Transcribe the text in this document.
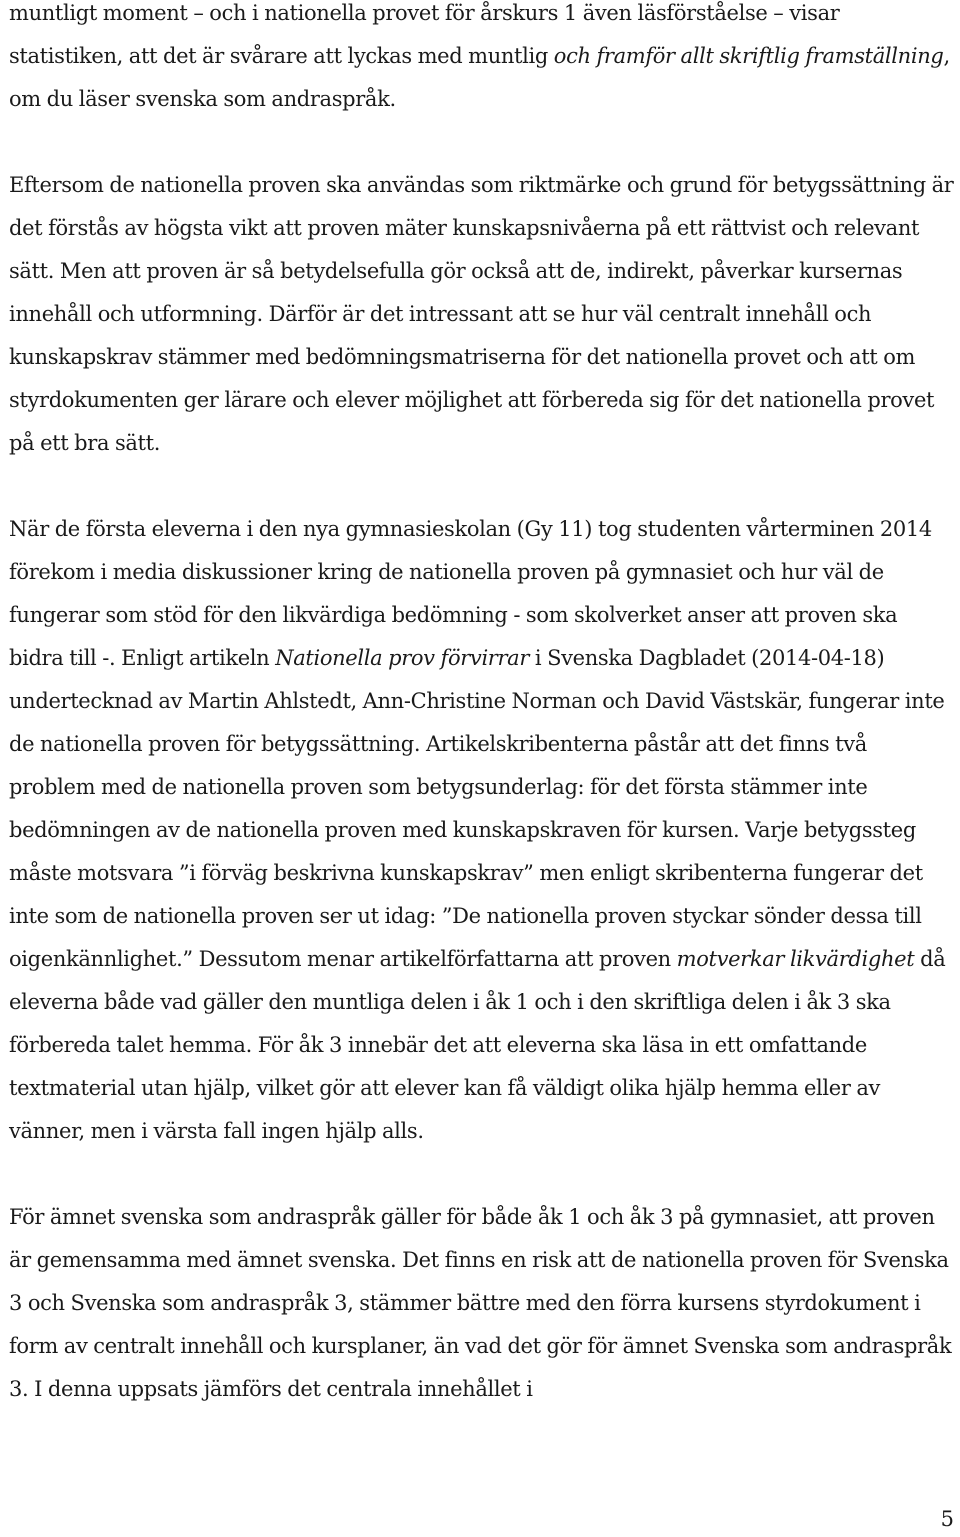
muntligt moment – och i nationella provet för årskurs 1 även läsförståelse – visar statistiken, att det är svårare att lyckas med muntlig och framför allt skriftlig framställning, om du läser svenska som andraspråk.

Eftersom de nationella proven ska användas som riktmärke och grund för betygssättning är det förstås av högsta vikt att proven mäter kunskapsnivåerna på ett rättvist och relevant sätt. Men att proven är så betydelsefulla gör också att de, indirekt, påverkar kursernas innehåll och utformning. Därför är det intressant att se hur väl centralt innehåll och kunskapskrav stämmer med bedömningsmatriserna för det nationella provet och att om styrdokumenten ger lärare och elever möjlighet att förbereda sig för det nationella provet på ett bra sätt.

När de första eleverna i den nya gymnasieskolan (Gy 11) tog studenten vårterminen 2014 förekom i media diskussioner kring de nationella proven på gymnasiet och hur väl de fungerar som stöd för den likvärdiga bedömning - som skolverket anser att proven ska bidra till -. Enligt artikeln Nationella prov förvirrar i Svenska Dagbladet (2014-04-18) undertecknad av Martin Ahlstedt, Ann-Christine Norman och David Västskär, fungerar inte de nationella proven för betygssättning. Artikelskribenterna påstår att det finns två problem med de nationella proven som betygsunderlag: för det första stämmer inte bedömningen av de nationella proven med kunskapskraven för kursen. Varje betygssteg måste motsvara ”i förväg beskrivna kunskapskrav” men enligt skribenterna fungerar det inte som de nationella proven ser ut idag: ”De nationella proven styckar sönder dessa till oigenkännlighet.” Dessutom menar artikelförfattarna att proven motverkar likvärdighet då eleverna både vad gäller den muntliga delen i åk 1 och i den skriftliga delen i åk 3 ska förbereda talet hemma. För åk 3 innebär det att eleverna ska läsa in ett omfattande textmaterial utan hjälp, vilket gör att elever kan få väldigt olika hjälp hemma eller av vänner, men i värsta fall ingen hjälp alls.

För ämnet svenska som andraspråk gäller för både åk 1 och åk 3 på gymnasiet, att proven är gemensamma med ämnet svenska. Det finns en risk att de nationella proven för Svenska 3 och Svenska som andraspråk 3, stämmer bättre med den förra kursens styrdokument i form av centralt innehåll och kursplaner, än vad det gör för ämnet Svenska som andraspråk 3. I denna uppsats jämförs det centrala innehållet i

5
